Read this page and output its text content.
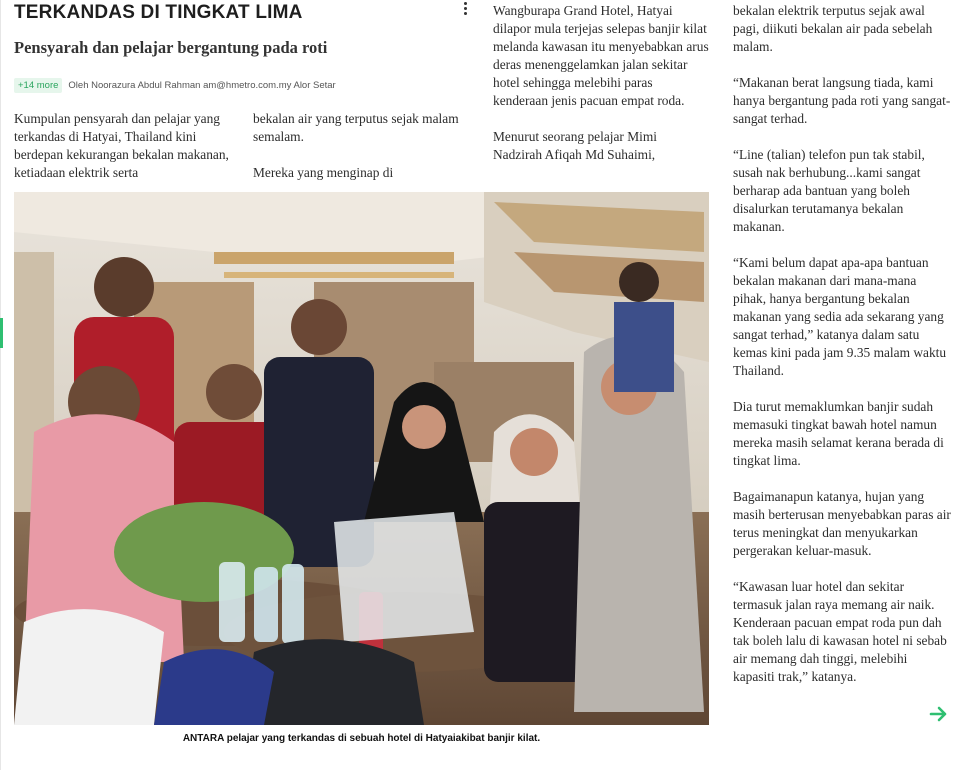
TERKANDAS DI TINGKAT LIMA
Pensyarah dan pelajar bergantung pada roti
+14 more	Oleh Noorazura Abdul Rahman am@hmetro.com.my Alor Setar

Kumpulan pensyarah dan pelajar yang terkandas di Hatyai, Thailand kini berdepan kekurangan bekalan makanan, ketiadaan elektrik serta

bekalan air yang terputus sejak malam semalam.

Mereka yang menginap di

Wangburapa Grand Hotel, Hatyai dilapor mula terjejas selepas banjir kilat melanda kawasan itu menyebabkan arus deras menenggelamkan jalan sekitar hotel sehingga melebihi paras kenderaan jenis pacuan empat roda.

Menurut seorang pelajar Mimi Nadzirah Afiqah Md Suhaimi,

bekalan elektrik terputus sejak awal pagi, diikuti bekalan air pada sebelah malam.

“Makanan berat langsung tiada, kami hanya bergantung pada roti yang sangat-sangat terhad.

“Line (talian) telefon pun tak stabil, susah nak berhubung...kami sangat berharap ada bantuan yang boleh disalurkan terutamanya bekalan makanan.

“Kami belum dapat apa-apa bantuan bekalan makanan dari mana-mana pihak, hanya bergantung bekalan makanan yang sedia ada sekarang yang sangat terhad,” katanya dalam satu kemas kini pada jam 9.35 malam waktu Thailand.

Dia turut memaklumkan banjir sudah memasuki tingkat bawah hotel namun mereka masih selamat kerana berada di tingkat lima.

Bagaimanapun katanya, hujan yang masih berterusan menyebabkan paras air terus meningkat dan menyukarkan pergerakan keluar-masuk.

“Kawasan luar hotel dan sekitar termasuk jalan raya memang air naik. Kenderaan pacuan empat roda pun dah tak boleh lalu di kawasan hotel ni sebab air memang dah tinggi, melebihi kapasiti trak,” katanya.

ANTARA pelajar yang terkandas di sebuah hotel di Hatyaiakibat banjir kilat.
